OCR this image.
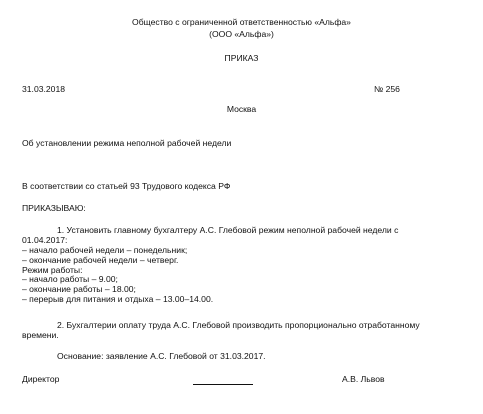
Общество с ограниченной ответственностью «Альфа»
(ООО «Альфа»)
ПРИКАЗ
31.03.2018	№ 256
Москва
Об установлении режима неполной рабочей недели
В соответствии со статьей 93 Трудового кодекса РФ
ПРИКАЗЫВАЮ:
1. Установить главному бухгалтеру А.С. Глебовой режим неполной рабочей недели с
01.04.2017:
– начало рабочей недели – понедельник;
– окончание рабочей недели – четверг.
Режим работы:
– начало работы – 9.00;
– окончание работы – 18.00;
– перерыв для питания и отдыха – 13.00–14.00.
2. Бухгалтерии оплату труда А.С. Глебовой производить пропорционально отработанному
времени.
Основание: заявление А.С. Глебовой от 31.03.2017.
Директор	А.В. Львов
